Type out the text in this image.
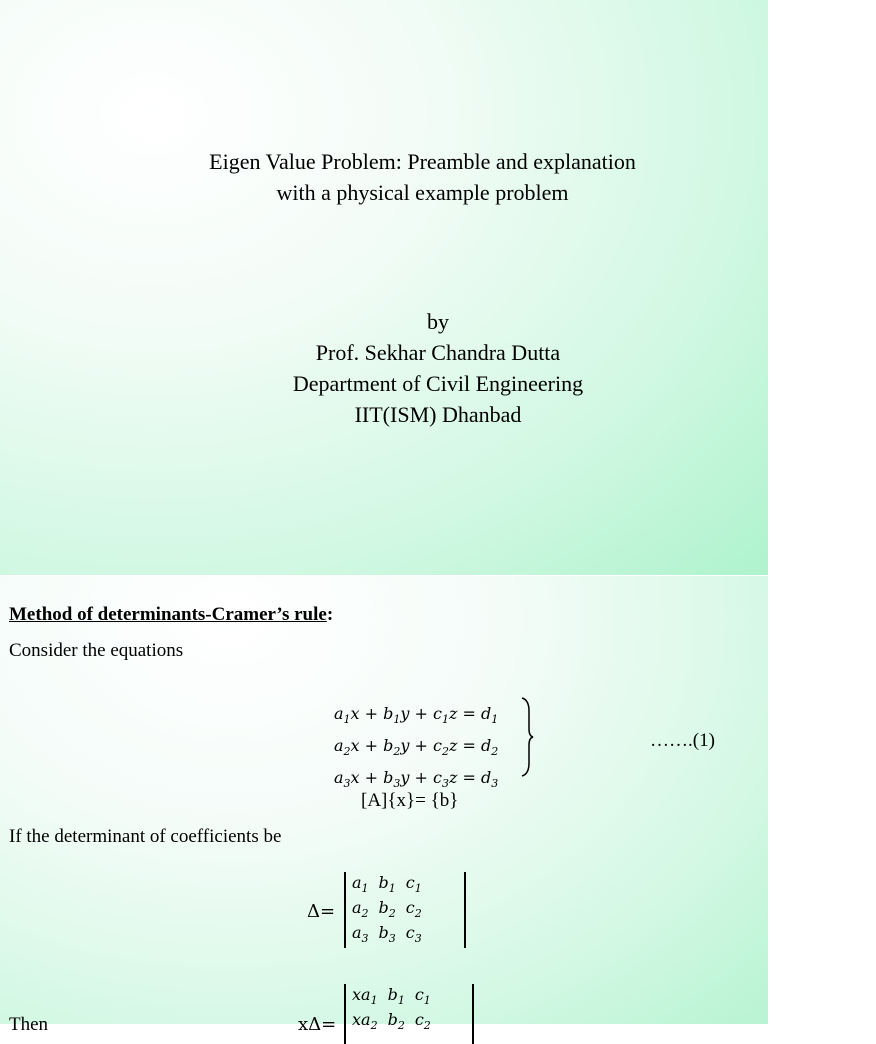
Eigen Value Problem: Preamble and explanation
with a physical example problem
by
Prof. Sekhar Chandra Dutta
Department of Civil Engineering
IIT(ISM) Dhanbad
Method of determinants-Cramer’s rule:
Consider the equations
$a_1x + b_1y + c_1z = d_1$
$a_2x + b_2y + c_2z = d_2$
$a_3x + b_3y + c_3z = d_3$
…….(1)
[A]{x}= {b}
If the determinant of coefficients be
Δ=
$a_1$	$b_1$	$c_1$
$a_2$	$b_2$	$c_2$
$a_3$	$b_3$	$c_3$
Then	xΔ=
$xa_1$	$b_1$	$c_1$
$xa_2$	$b_2$	$c_2$
